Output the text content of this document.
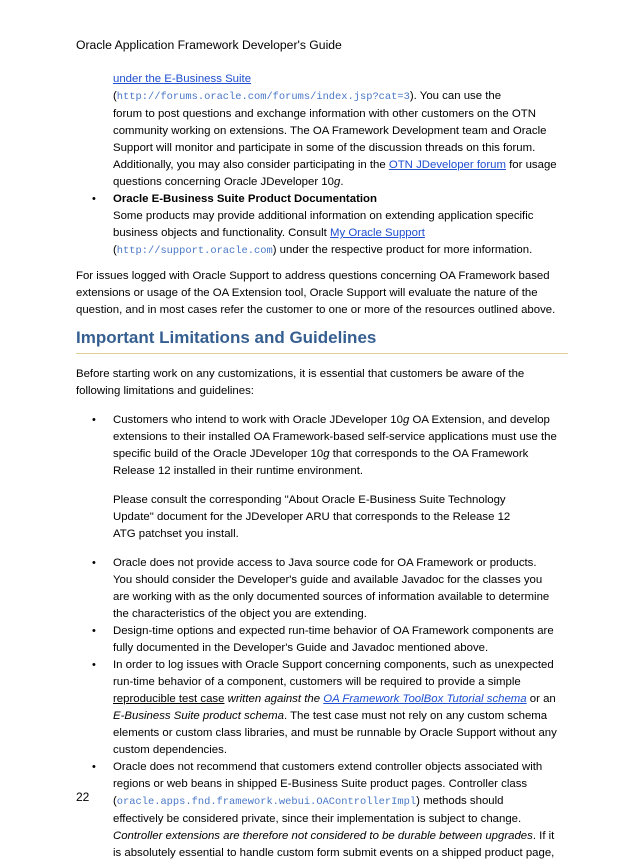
Oracle Application Framework Developer's Guide
under the E-Business Suite
(http://forums.oracle.com/forums/index.jsp?cat=3). You can use the
forum to post questions and exchange information with other customers on the OTN
community working on extensions. The OA Framework Development team and Oracle
Support will monitor and participate in some of the discussion threads on this forum.
Additionally, you may also consider participating in the OTN JDeveloper forum for usage
questions concerning Oracle JDeveloper 10g.
• Oracle E-Business Suite Product Documentation
Some products may provide additional information on extending application specific
business objects and functionality. Consult My Oracle Support
(http://support.oracle.com) under the respective product for more information.
For issues logged with Oracle Support to address questions concerning OA Framework based
extensions or usage of the OA Extension tool, Oracle Support will evaluate the nature of the
question, and in most cases refer the customer to one or more of the resources outlined above.
Important Limitations and Guidelines
Before starting work on any customizations, it is essential that customers be aware of the
following limitations and guidelines:
• Customers who intend to work with Oracle JDeveloper 10g OA Extension, and develop
extensions to their installed OA Framework-based self-service applications must use the
specific build of the Oracle JDeveloper 10g that corresponds to the OA Framework
Release 12 installed in their runtime environment.
Please consult the corresponding "About Oracle E-Business Suite Technology
Update" document for the JDeveloper ARU that corresponds to the Release 12
ATG patchset you install.
• Oracle does not provide access to Java source code for OA Framework or products.
You should consider the Developer's guide and available Javadoc for the classes you
are working with as the only documented sources of information available to determine
the characteristics of the object you are extending.
• Design-time options and expected run-time behavior of OA Framework components are
fully documented in the Developer's Guide and Javadoc mentioned above.
• In order to log issues with Oracle Support concerning components, such as unexpected
run-time behavior of a component, customers will be required to provide a simple
reproducible test case written against the OA Framework ToolBox Tutorial schema or an
E-Business Suite product schema. The test case must not rely on any custom schema
elements or custom class libraries, and must be runnable by Oracle Support without any
custom dependencies.
• Oracle does not recommend that customers extend controller objects associated with
regions or web beans in shipped E-Business Suite product pages. Controller class
(oracle.apps.fnd.framework.webui.OAControllerImpl) methods should
effectively be considered private, since their implementation is subject to change.
Controller extensions are therefore not considered to be durable between upgrades. If it
is absolutely essential to handle custom form submit events on a shipped product page,
22
